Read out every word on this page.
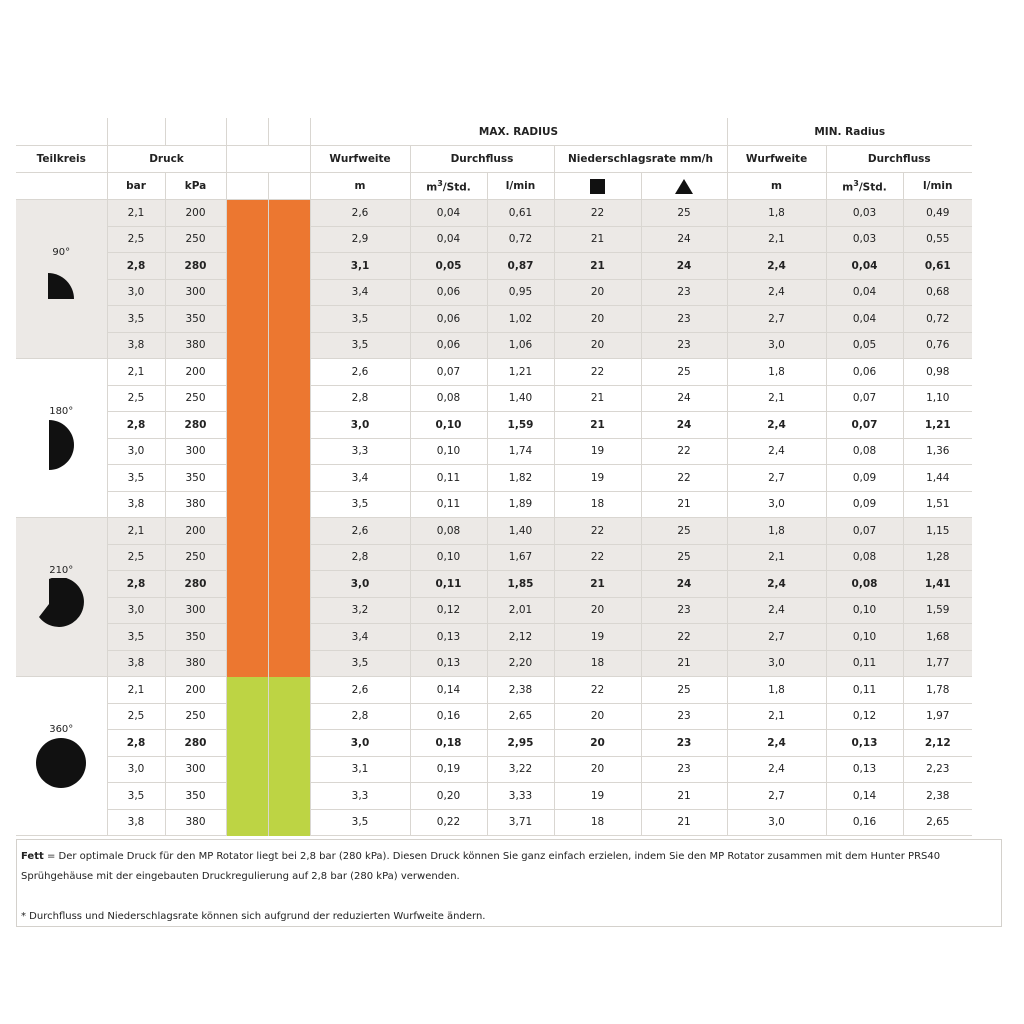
					MAX. RADIUS					MIN. Radius		
Teilkreis	Druck				Wurfweite	Durchfluss		Niederschlagsrate mm/h		Wurfweite	Durchfluss	
	bar	kPa			m	$m^3$/Std.	l/min			m	$m^3$/Std.	l/min

90°	2,1	200			2,6	0,04	0,61	22	25	1,8	0,03	0,49
	2,5	250			2,9	0,04	0,72	21	24	2,1	0,03	0,55
	2,8	280			3,1	0,05	0,87	21	24	2,4	0,04	0,61
	3,0	300			3,4	0,06	0,95	20	23	2,4	0,04	0,68
	3,5	350			3,5	0,06	1,02	20	23	2,7	0,04	0,72
	3,8	380			3,5	0,06	1,06	20	23	3,0	0,05	0,76

180°	2,1	200			2,6	0,07	1,21	22	25	1,8	0,06	0,98
	2,5	250			2,8	0,08	1,40	21	24	2,1	0,07	1,10
	2,8	280			3,0	0,10	1,59	21	24	2,4	0,07	1,21
	3,0	300			3,3	0,10	1,74	19	22	2,4	0,08	1,36
	3,5	350			3,4	0,11	1,82	19	22	2,7	0,09	1,44
	3,8	380			3,5	0,11	1,89	18	21	3,0	0,09	1,51

210°	2,1	200			2,6	0,08	1,40	22	25	1,8	0,07	1,15
	2,5	250			2,8	0,10	1,67	22	25	2,1	0,08	1,28
	2,8	280			3,0	0,11	1,85	21	24	2,4	0,08	1,41
	3,0	300			3,2	0,12	2,01	20	23	2,4	0,10	1,59
	3,5	350			3,4	0,13	2,12	19	22	2,7	0,10	1,68
	3,8	380			3,5	0,13	2,20	18	21	3,0	0,11	1,77

360°	2,1	200			2,6	0,14	2,38	22	25	1,8	0,11	1,78
	2,5	250			2,8	0,16	2,65	20	23	2,1	0,12	1,97
	2,8	280			3,0	0,18	2,95	20	23	2,4	0,13	2,12
	3,0	300			3,1	0,19	3,22	20	23	2,4	0,13	2,23
	3,5	350			3,3	0,20	3,33	19	21	2,7	0,14	2,38
	3,8	380			3,5	0,22	3,71	18	21	3,0	0,16	2,65

Fett = Der optimale Druck für den MP Rotator liegt bei 2,8 bar (280 kPa). Diesen Druck können Sie ganz einfach erzielen, indem Sie den MP Rotator zusammen mit dem Hunter PRS40 Sprühgehäuse mit der eingebauten Druckregulierung auf 2,8 bar (280 kPa) verwenden.

* Durchfluss und Niederschlagsrate können sich aufgrund der reduzierten Wurfweite ändern.
